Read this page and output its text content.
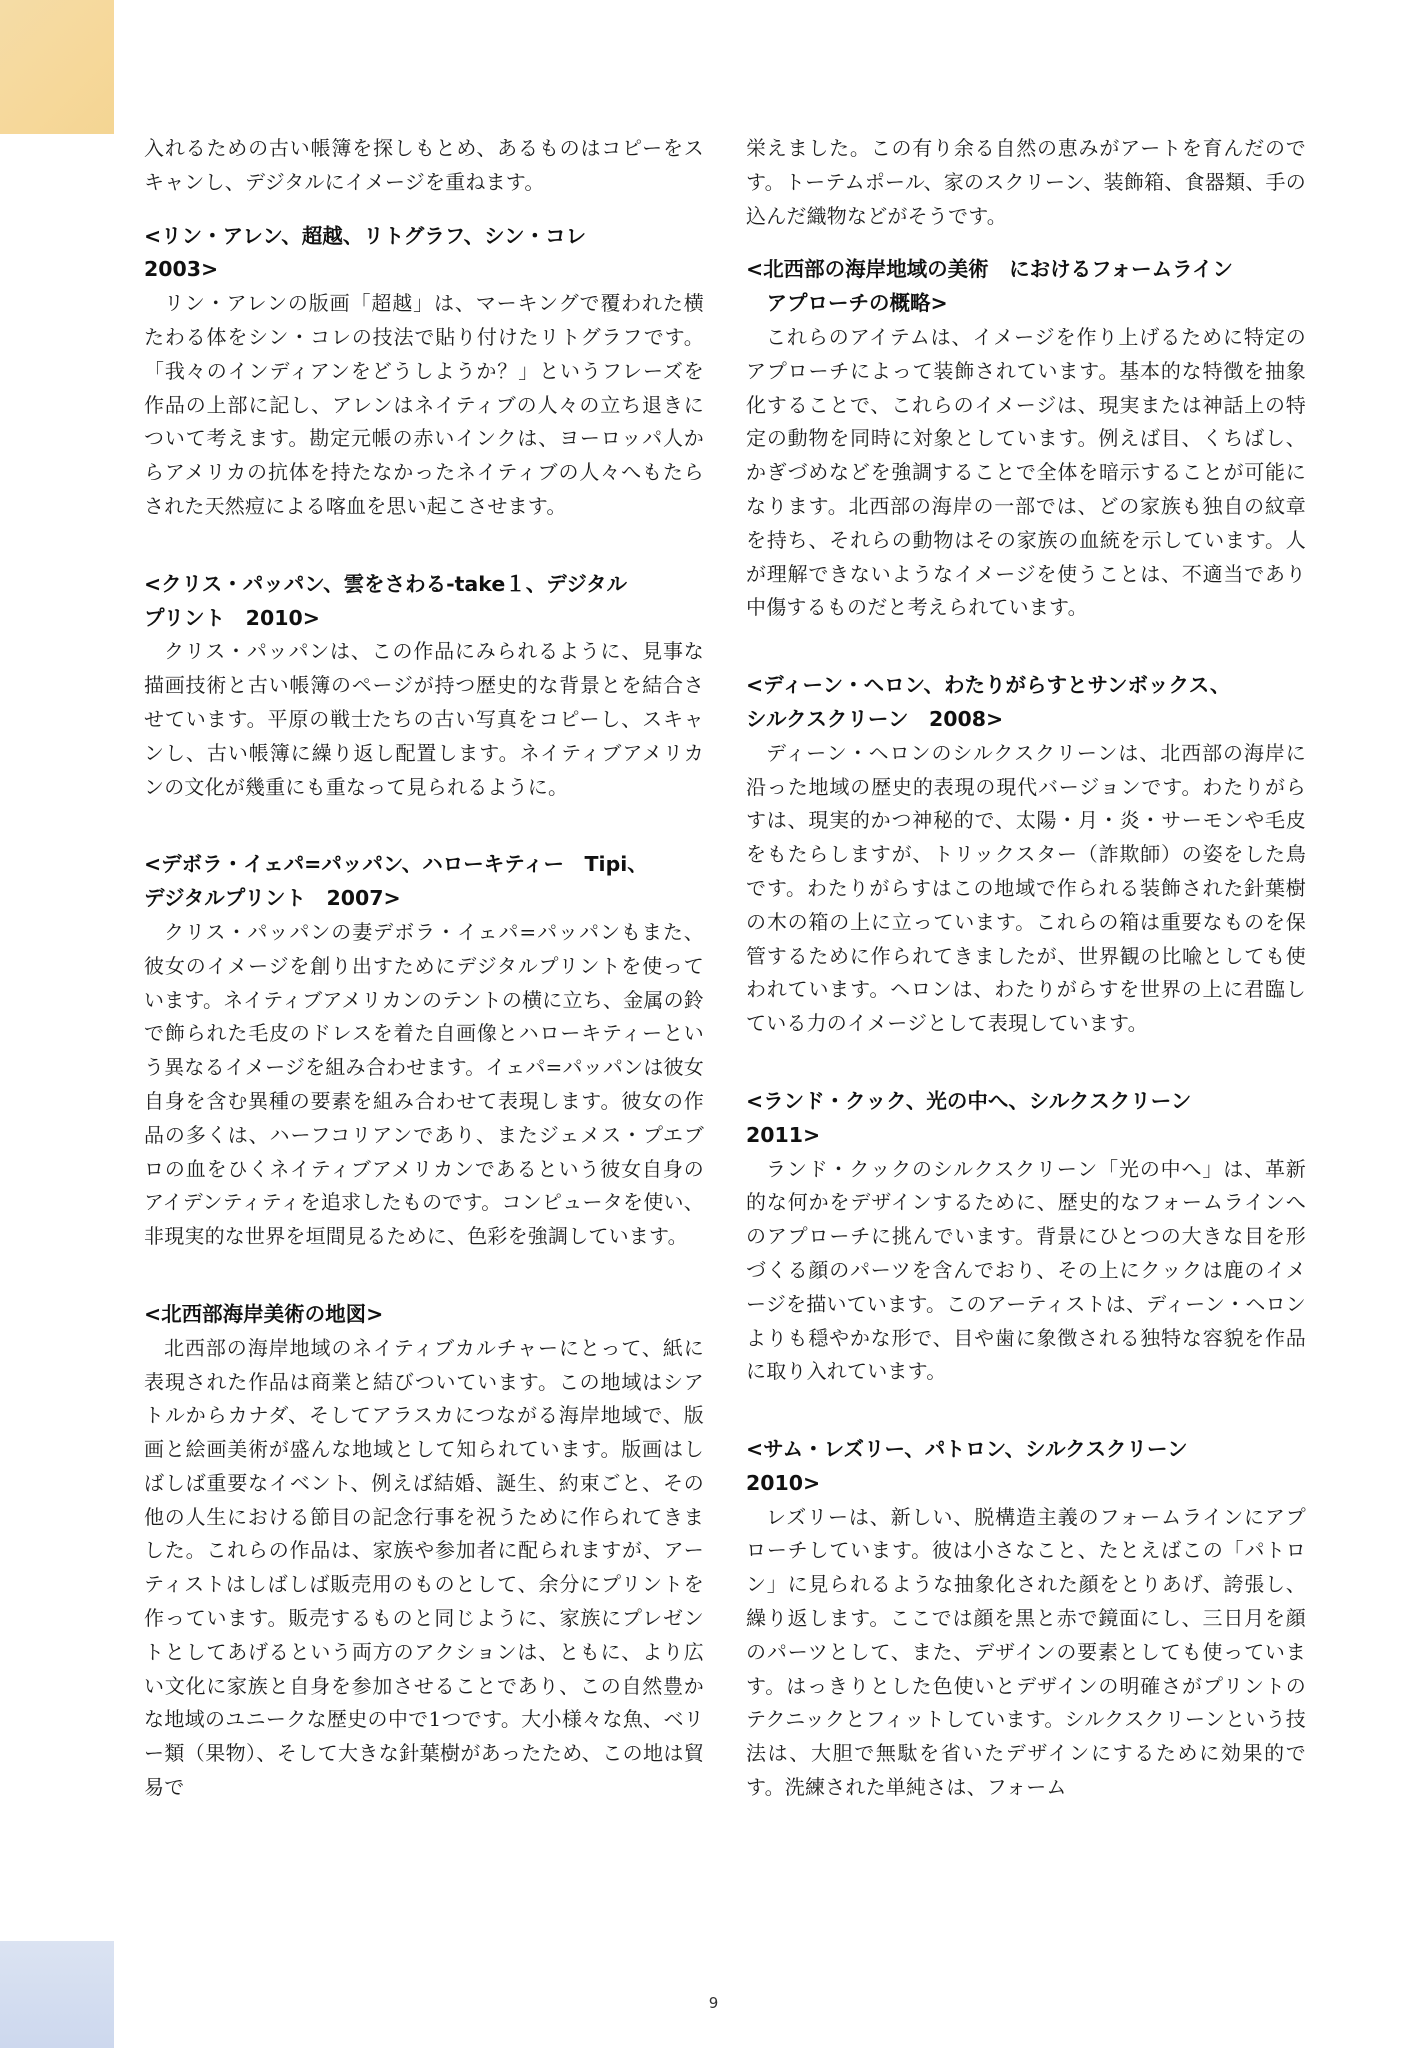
入れるための古い帳簿を探しもとめ、あるものはコピーをスキャンし、デジタルにイメージを重ねます。

<リン・アレン、超越、リトグラフ、シン・コレ
2003>

リン・アレンの版画「超越」は、マーキングで覆われた横たわる体をシン・コレの技法で貼り付けたリトグラフです。「我々のインディアンをどうしようか？」というフレーズを作品の上部に記し、アレンはネイティブの人々の立ち退きについて考えます。勘定元帳の赤いインクは、ヨーロッパ人からアメリカの抗体を持たなかったネイティブの人々へもたらされた天然痘による喀血を思い起こさせます。

<クリス・パッパン、雲をさわる-take１、デジタル
プリント　2010>

クリス・パッパンは、この作品にみられるように、見事な描画技術と古い帳簿のページが持つ歴史的な背景とを結合させています。平原の戦士たちの古い写真をコピーし、スキャンし、古い帳簿に繰り返し配置します。ネイティブアメリカンの文化が幾重にも重なって見られるように。

<デボラ・イェパ=パッパン、ハローキティー　Tipi、
デジタルプリント　2007>

クリス・パッパンの妻デボラ・イェパ=パッパンもまた、彼女のイメージを創り出すためにデジタルプリントを使っています。ネイティブアメリカンのテントの横に立ち、金属の鈴で飾られた毛皮のドレスを着た自画像とハローキティーという異なるイメージを組み合わせます。イェパ=パッパンは彼女自身を含む異種の要素を組み合わせて表現します。彼女の作品の多くは、ハーフコリアンであり、またジェメス・プエブロの血をひくネイティブアメリカンであるという彼女自身のアイデンティティを追求したものです。コンピュータを使い、非現実的な世界を垣間見るために、色彩を強調しています。

<北西部海岸美術の地図>

北西部の海岸地域のネイティブカルチャーにとって、紙に表現された作品は商業と結びついています。この地域はシアトルからカナダ、そしてアラスカにつながる海岸地域で、版画と絵画美術が盛んな地域として知られています。版画はしばしば重要なイベント、例えば結婚、誕生、約束ごと、その他の人生における節目の記念行事を祝うために作られてきました。これらの作品は、家族や参加者に配られますが、アーティストはしばしば販売用のものとして、余分にプリントを作っています。販売するものと同じように、家族にプレゼントとしてあげるという両方のアクションは、ともに、より広い文化に家族と自身を参加させることであり、この自然豊かな地域のユニークな歴史の中で1つです。大小様々な魚、ベリー類（果物）、そして大きな針葉樹があったため、この地は貿易で

栄えました。この有り余る自然の恵みがアートを育んだのです。トーテムポール、家のスクリーン、装飾箱、食器類、手の込んだ織物などがそうです。

<北西部の海岸地域の美術　におけるフォームライン
アプローチの概略>

これらのアイテムは、イメージを作り上げるために特定のアプローチによって装飾されています。基本的な特徴を抽象化することで、これらのイメージは、現実または神話上の特定の動物を同時に対象としています。例えば目、くちばし、かぎづめなどを強調することで全体を暗示することが可能になります。北西部の海岸の一部では、どの家族も独自の紋章を持ち、それらの動物はその家族の血統を示しています。人が理解できないようなイメージを使うことは、不適当であり中傷するものだと考えられています。

<ディーン・ヘロン、わたりがらすとサンボックス、
シルクスクリーン　2008>

ディーン・ヘロンのシルクスクリーンは、北西部の海岸に沿った地域の歴史的表現の現代バージョンです。わたりがらすは、現実的かつ神秘的で、太陽・月・炎・サーモンや毛皮をもたらしますが、トリックスター（詐欺師）の姿をした鳥です。わたりがらすはこの地域で作られる装飾された針葉樹の木の箱の上に立っています。これらの箱は重要なものを保管するために作られてきましたが、世界観の比喩としても使われています。ヘロンは、わたりがらすを世界の上に君臨している力のイメージとして表現しています。

<ランド・クック、光の中へ、シルクスクリーン
2011>

ランド・クックのシルクスクリーン「光の中へ」は、革新的な何かをデザインするために、歴史的なフォームラインへのアプローチに挑んでいます。背景にひとつの大きな目を形づくる顔のパーツを含んでおり、その上にクックは鹿のイメージを描いています。このアーティストは、ディーン・ヘロンよりも穏やかな形で、目や歯に象徴される独特な容貌を作品に取り入れています。

<サム・レズリー、パトロン、シルクスクリーン
2010>

レズリーは、新しい、脱構造主義のフォームラインにアプローチしています。彼は小さなこと、たとえばこの「パトロン」に見られるような抽象化された顔をとりあげ、誇張し、繰り返します。ここでは顔を黒と赤で鏡面にし、三日月を顔のパーツとして、また、デザインの要素としても使っています。はっきりとした色使いとデザインの明確さがプリントのテクニックとフィットしています。シルクスクリーンという技法は、大胆で無駄を省いたデザインにするために効果的です。洗練された単純さは、フォーム

9
